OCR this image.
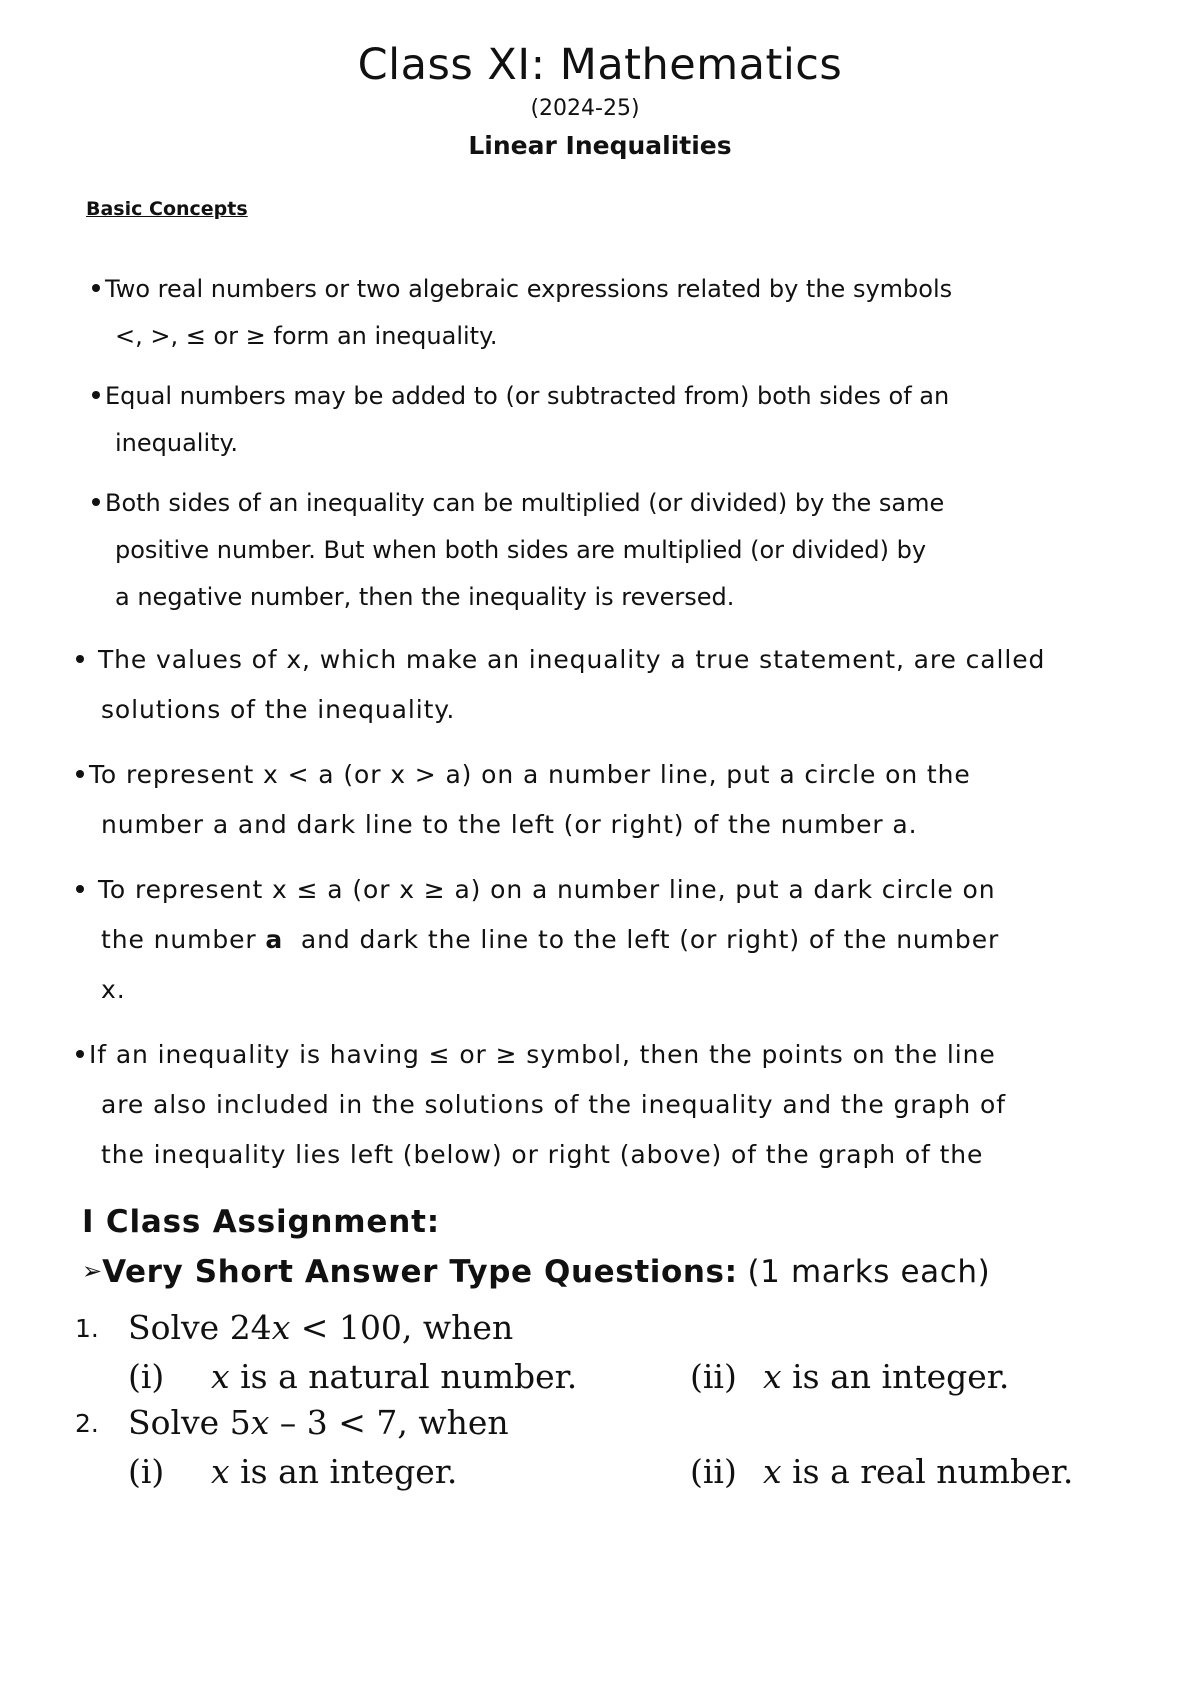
Class XI: Mathematics
(2024-25)
Linear Inequalities
Basic Concepts
Two real numbers or two algebraic expressions related by the symbols
<, >, ≤ or ≥ form an inequality.
Equal numbers may be added to (or subtracted from) both sides of an
inequality.
Both sides of an inequality can be multiplied (or divided) by the same
positive number. But when both sides are multiplied (or divided) by
a negative number, then the inequality is reversed.
The values of x, which make an inequality a true statement, are called
solutions of the inequality.
To represent x < a (or x > a) on a number line, put a circle on the
number a and dark line to the left (or right) of the number a.
To represent x ≤ a (or x ≥ a) on a number line, put a dark circle on
the number a and dark the line to the left (or right) of the number
x.
If an inequality is having ≤ or ≥ symbol, then the points on the line
are also included in the solutions of the inequality and the graph of
the inequality lies left (below) or right (above) of the graph of the
I Class Assignment:
➢Very Short Answer Type Questions: (1 marks each)
1. Solve 24x < 100, when
(i) x is a natural number.	(ii) x is an integer.
2. Solve 5x – 3 < 7, when
(i) x is an integer.	(ii) x is a real number.
